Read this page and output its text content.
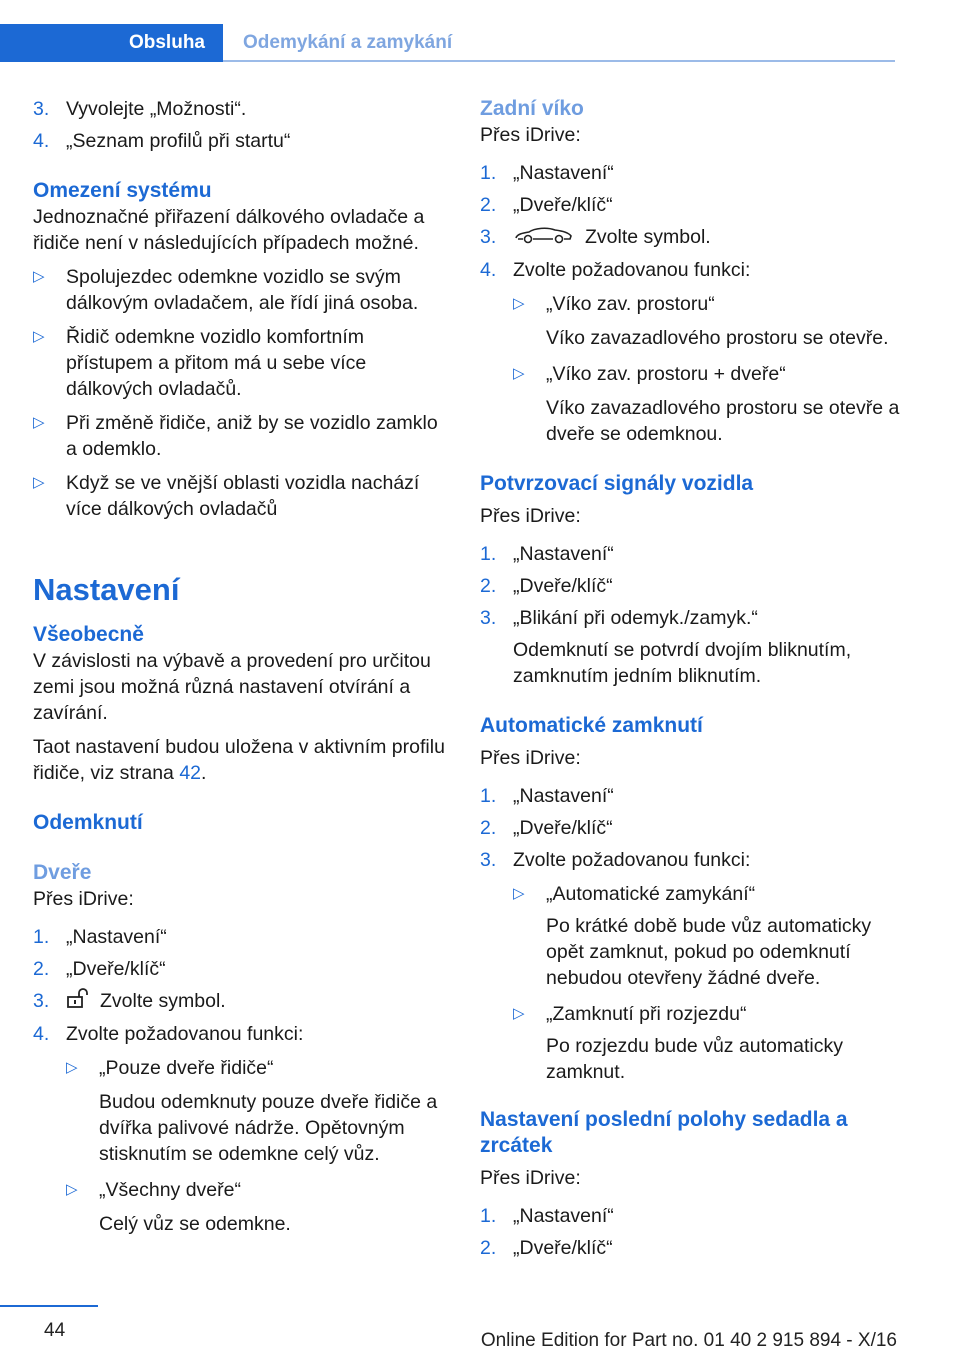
Obsluha	Odemykání a zamykání
3. Vyvolejte „Možnosti“.
4. „Seznam profilů při startu“
Omezení systému

Jednoznačné přiřazení dálkového ovladače a řidiče není v následujících případech možné.

▷	Spolujezdec odemkne vozidlo se svým dálkovým ovladačem, ale řídí jiná osoba.
▷	Řidič odemkne vozidlo komfortním přístupem a přitom má u sebe více dálkových ovladačů.
▷	Při změně řidiče, aniž by se vozidlo zamklo a odemklo.
▷	Když se ve vnější oblasti vozidla nachází více dálkových ovladačů
Nastavení
Všeobecně

V závislosti na výbavě a provedení pro určitou zemi jsou možná různá nastavení otvírání a zavírání.

Taot nastavení budou uložena v aktivním profilu řidiče, viz strana 42.

Odemknutí
Dveře

Přes iDrive:

1. „Nastavení“
2. „Dveře/klíč“
3.	Zvolte symbol.
4. Zvolte požadovanou funkci:
▷	„Pouze dveře řidiče“

Budou odemknuty pouze dveře řidiče a dvířka palivové nádrže. Opětovným stisknutím se odemkne celý vůz.
▷	„Všechny dveře“

Celý vůz se odemkne.
Zadní víko

Přes iDrive:

1. „Nastavení“
2. „Dveře/klíč“
3.	Zvolte symbol.
4. Zvolte požadovanou funkci:
▷	„Víko zav. prostoru“

Víko zavazadlového prostoru se otevře.
▷	„Víko zav. prostoru + dveře“

Víko zavazadlového prostoru se otevře a dveře se odemknou.
Potvrzovací signály vozidla

Přes iDrive:

1. „Nastavení“
2. „Dveře/klíč“
3. „Blikání při odemyk./zamyk.“

Odemknutí se potvrdí dvojím bliknutím, zamknutím jedním bliknutím.

Automatické zamknutí

Přes iDrive:

1. „Nastavení“
2. „Dveře/klíč“
3. Zvolte požadovanou funkci:
▷	„Automatické zamykání“

Po krátké době bude vůz automaticky opět zamknut, pokud po odemknutí nebudou otevřeny žádné dveře.
▷	„Zamknutí při rozjezdu“

Po rozjezdu bude vůz automaticky zamknut.
Nastavení poslední polohy sedadla a zrcátek

Přes iDrive:

1. „Nastavení“
2. „Dveře/klíč“
44	Online Edition for Part no. 01 40 2 915 894 - X/16
